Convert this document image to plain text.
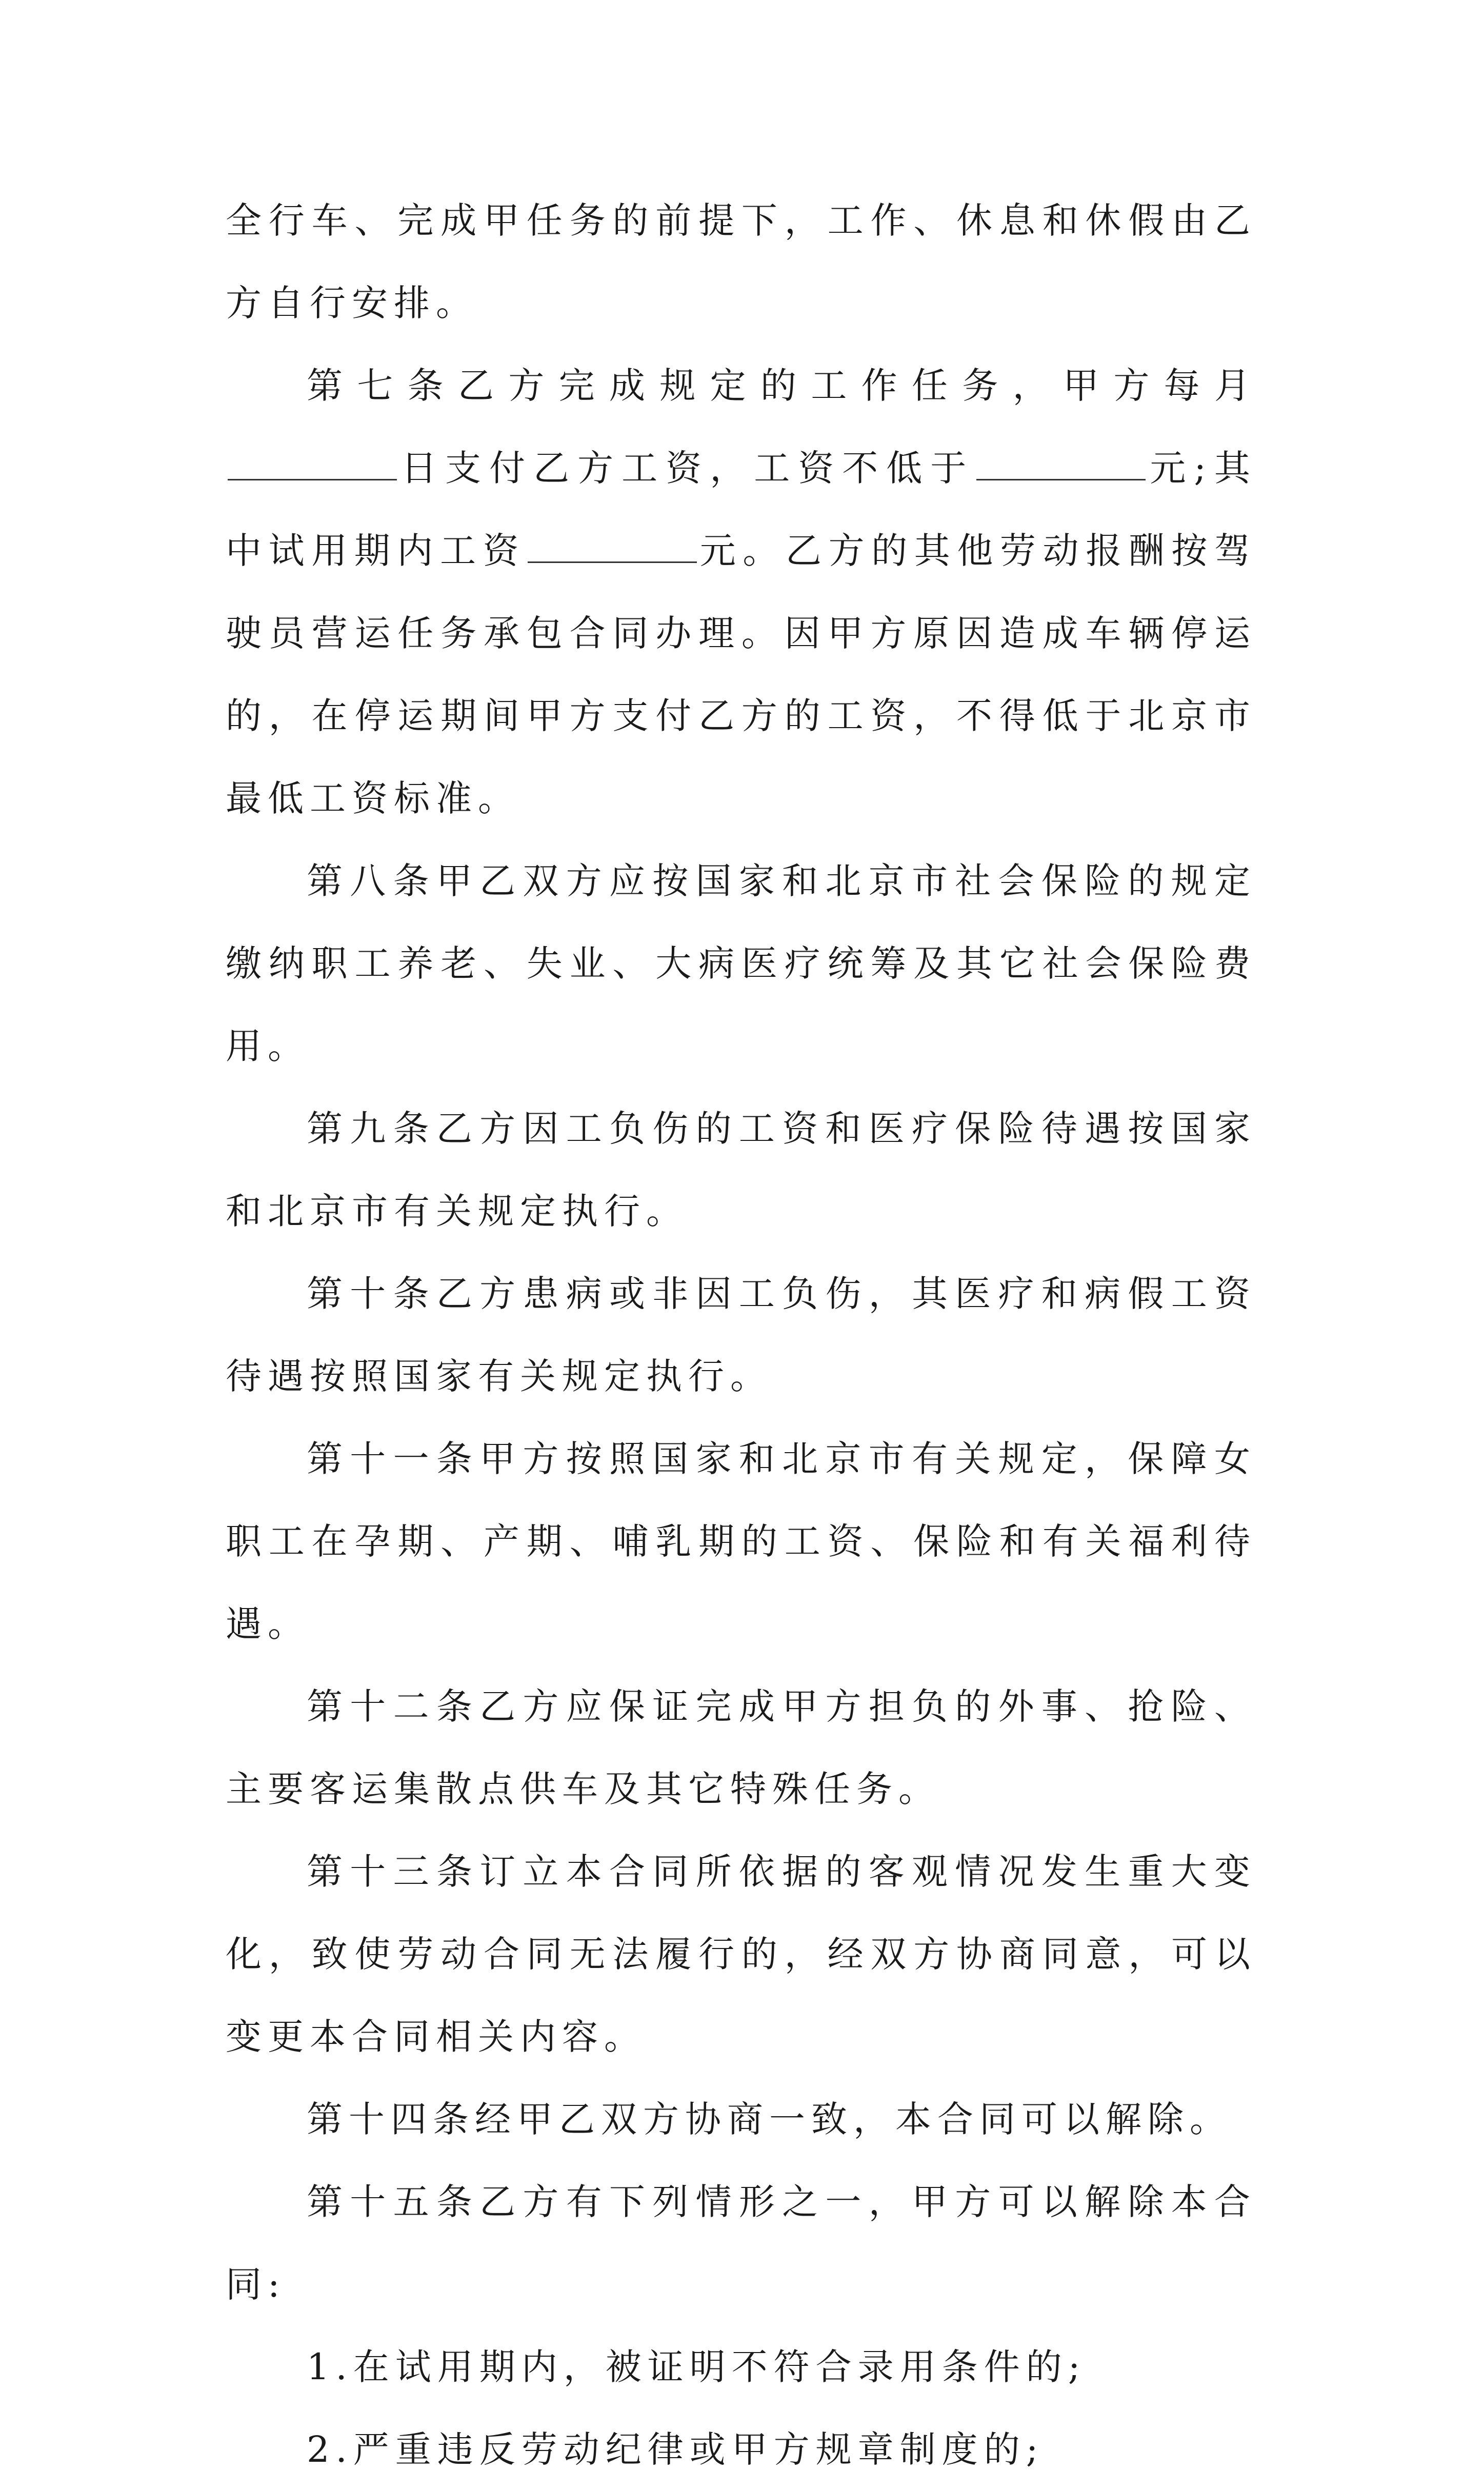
全行车、完成甲任务的前提下，工作、休息和休假由乙方自行安排。

第七条乙方完成规定的工作任务，甲方每月日支付乙方工资，工资不低于	元;其中试用期内工资	元。乙方的其他劳动报酬按驾驶员营运任务承包合同办理。因甲方原因造成车辆停运的，在停运期间甲方支付乙方的工资，不得低于北京市最低工资标准。

第八条甲乙双方应按国家和北京市社会保险的规定缴纳职工养老、失业、大病医疗统筹及其它社会保险费用。

第九条乙方因工负伤的工资和医疗保险待遇按国家和北京市有关规定执行。

第十条乙方患病或非因工负伤，其医疗和病假工资待遇按照国家有关规定执行。

第十一条甲方按照国家和北京市有关规定，保障女职工在孕期、产期、哺乳期的工资、保险和有关福利待遇。

第十二条乙方应保证完成甲方担负的外事、抢险、主要客运集散点供车及其它特殊任务。

第十三条订立本合同所依据的客观情况发生重大变化，致使劳动合同无法履行的，经双方协商同意，可以变更本合同相关内容。

第十四条经甲乙双方协商一致，本合同可以解除。

第十五条乙方有下列情形之一，甲方可以解除本合同:

1.在试用期内，被证明不符合录用条件的;

2.严重违反劳动纪律或甲方规章制度的;
